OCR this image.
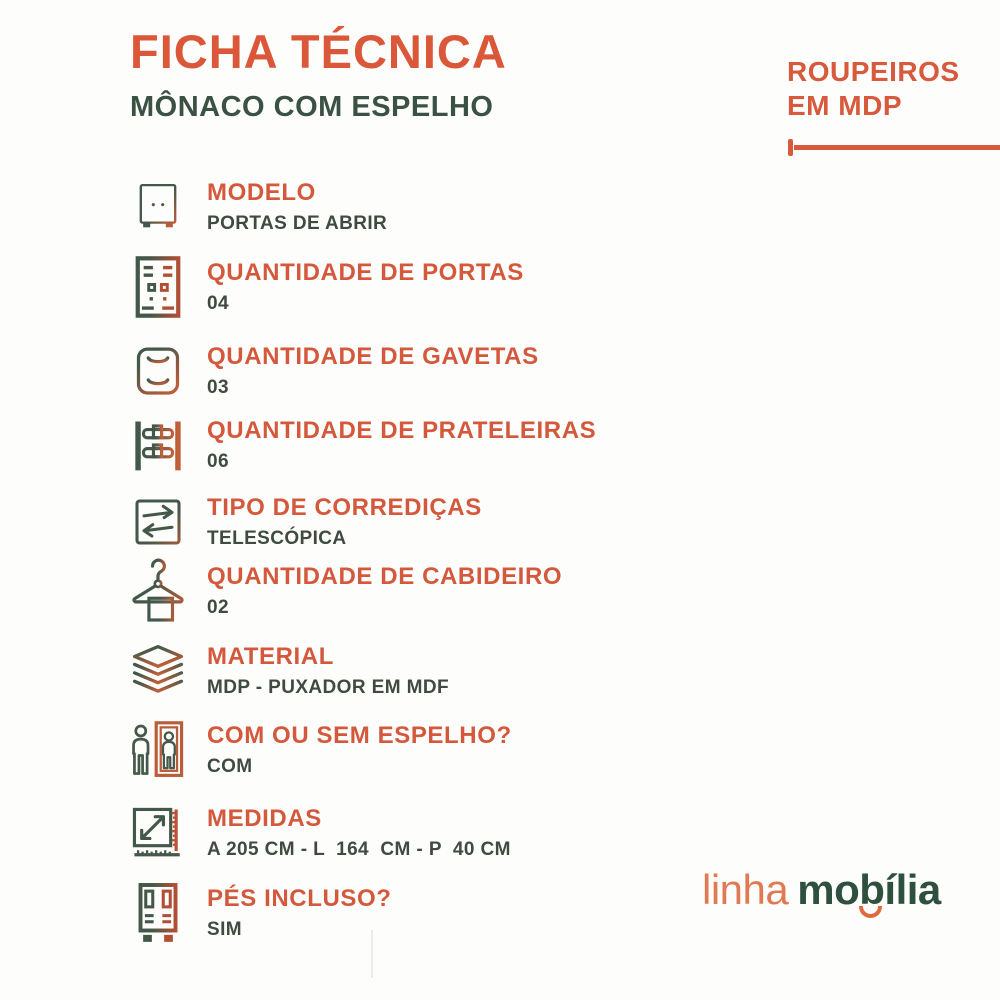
FICHA TÉCNICA
MÔNACO COM ESPELHO
ROUPEIROS
EM MDP
MODELO
PORTAS DE ABRIR
QUANTIDADE DE PORTAS
04
QUANTIDADE DE GAVETAS
03
QUANTIDADE DE PRATELEIRAS
06
TIPO DE CORREDIÇAS
TELESCÓPICA
QUANTIDADE DE CABIDEIRO
02
MATERIAL
MDP - PUXADOR EM MDF
COM OU SEM ESPELHO?
COM
MEDIDAS
A 205 CM - L  164  CM - P  40 CM
PÉS INCLUSO?
SIM
linha mobília
